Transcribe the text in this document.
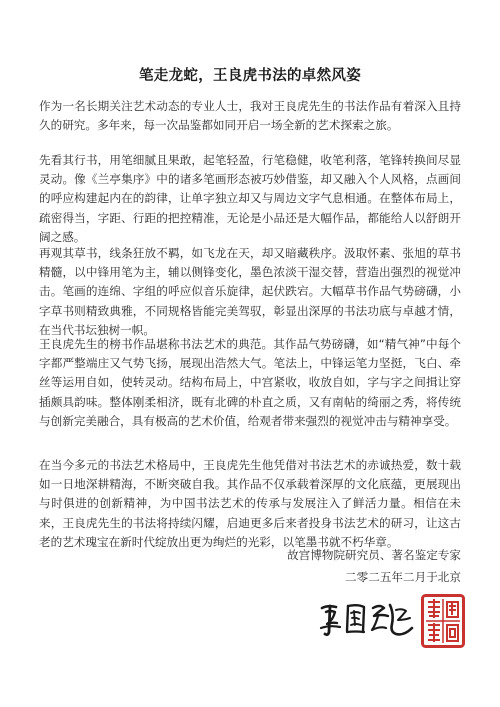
笔走龙蛇，王良虎书法的卓然风姿

作为一名长期关注艺术动态的专业人士，我对王良虎先生的书法作品有着深入且持久的研究。多年来，每一次品鉴都如同开启一场全新的艺术探索之旅。

先看其行书，用笔细腻且果敢，起笔轻盈，行笔稳健，收笔利落，笔锋转换间尽显灵动。像《兰亭集序》中的诸多笔画形态被巧妙借鉴，却又融入个人风格，点画间的呼应构建起内在的韵律，让单字独立却又与周边文字气息相通。在整体布局上，疏密得当，字距、行距的把控精准，无论是小品还是大幅作品，都能给人以舒朗开阔之感。

再观其草书，线条狂放不羁，如飞龙在天，却又暗藏秩序。汲取怀素、张旭的草书精髓，以中锋用笔为主，辅以侧锋变化，墨色浓淡干湿交替，营造出强烈的视觉冲击。笔画的连绵、字组的呼应似音乐旋律，起伏跌宕。大幅草书作品气势磅礴，小字草书则精致典雅，不同规格皆能完美驾驭，彰显出深厚的书法功底与卓越才情，在当代书坛独树一帜。

王良虎先生的榜书作品堪称书法艺术的典范。其作品气势磅礴，如“精气神”中每个字都严整端庄又气势飞扬，展现出浩然大气。笔法上，中锋运笔力坚挺，飞白、牵丝等运用自如，使转灵动。结构布局上，中宫紧收，收放自如，字与字之间揖让穿插颇具韵味。整体刚柔相济，既有北碑的朴直之质，又有南帖的绮丽之秀，将传统与创新完美融合，具有极高的艺术价值，给观者带来强烈的视觉冲击与精神享受。

在当今多元的书法艺术格局中，王良虎先生他凭借对书法艺术的赤诚热爱，数十载如一日地深耕精海，不断突破自我。其作品不仅承载着深厚的文化底蕴，更展现出与时俱进的创新精神，为中国书法艺术的传承与发展注入了鲜活力量。相信在未来，王良虎先生的书法将持续闪耀，启迪更多后来者投身书法艺术的研习，让这古老的艺术瑰宝在新时代绽放出更为绚烂的光彩，以笔墨书就不朽华章。

故宫博物院研究员、著名鉴定专家
二零二五年二月于北京
